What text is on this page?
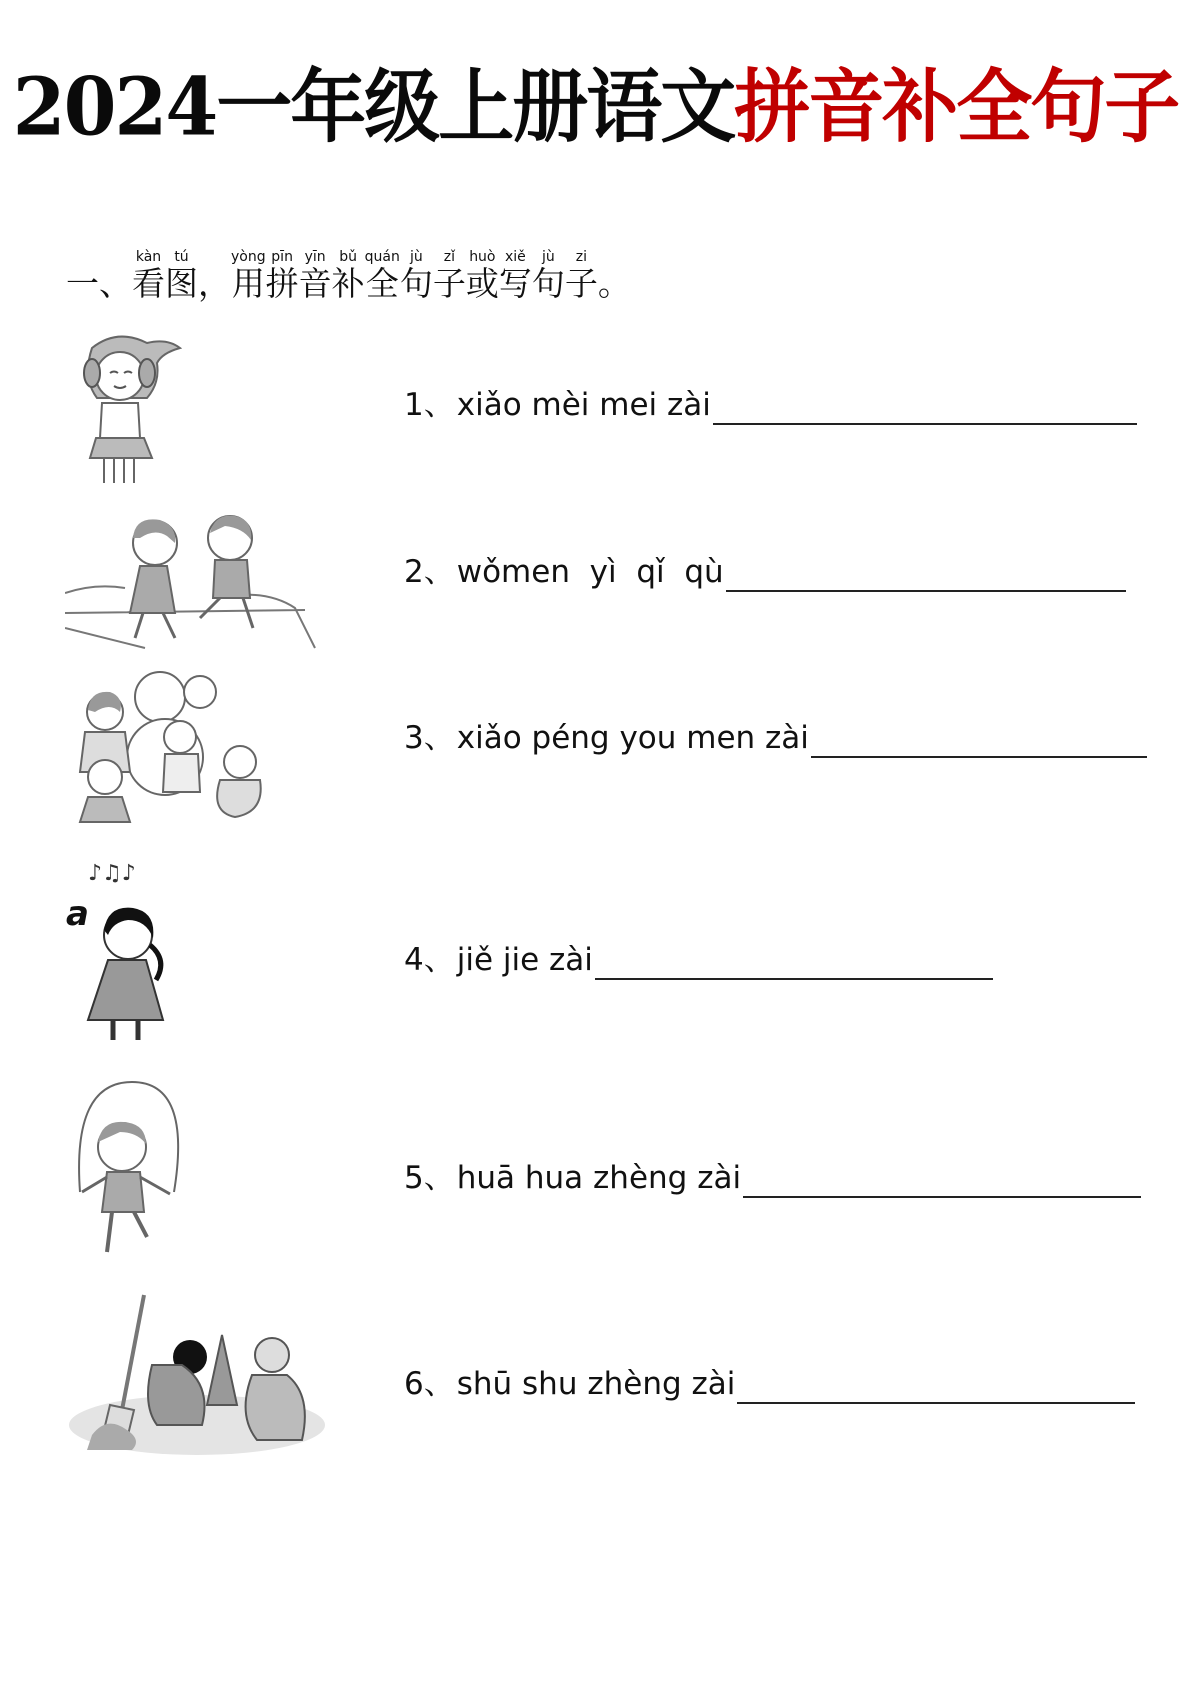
2024一年级上册语文拼音补全句子
一、 看kàn
图tú
， 用yòng
拼pīn
音yīn
补bǔ
全quán
句jù
子zǐ
或huò
写xiě
句jù
子zi
。
1、 xiǎo mèi mei zài
2、 wǒmen  yì  qǐ  qù
3、 xiǎo péng you men zài
♪♫♪
a
4、 jiě jie zài
5、 huā hua zhèng zài
6、 shū shu zhèng zài
